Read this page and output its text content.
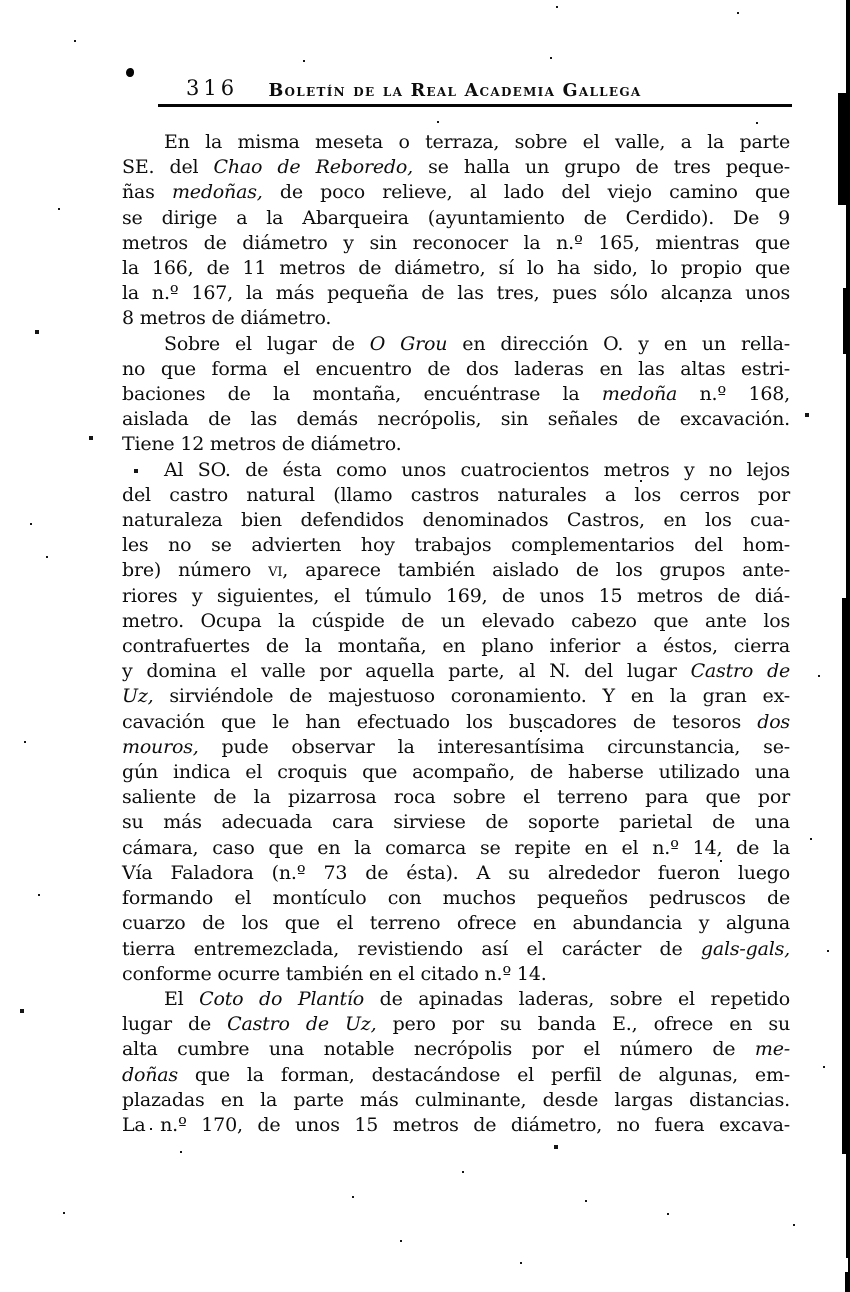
316	Boletín de la Real Academia Gallega
En la misma meseta o terraza, sobre el valle, a la parte
SE. del Chao de Reboredo, se halla un grupo de tres peque-
ñas medoñas, de poco relieve, al lado del viejo camino que
se dirige a la Abarqueira (ayuntamiento de Cerdido). De 9
metros de diámetro y sin reconocer la n.º 165, mientras que
la 166, de 11 metros de diámetro, sí lo ha sido, lo propio que
la n.º 167, la más pequeña de las tres, pues sólo alcanza unos
8 metros de diámetro.
Sobre el lugar de O Grou en dirección O. y en un rella-
no que forma el encuentro de dos laderas en las altas estri-
baciones de la montaña, encuéntrase la medoña n.º 168,
aislada de las demás necrópolis, sin señales de excavación.
Tiene 12 metros de diámetro.
Al SO. de ésta como unos cuatrocientos metros y no lejos
del castro natural (llamo castros naturales a los cerros por
naturaleza bien defendidos denominados Castros, en los cua-
les no se advierten hoy trabajos complementarios del hom-
bre) número vi, aparece también aislado de los grupos ante-
riores y siguientes, el túmulo 169, de unos 15 metros de diá-
metro. Ocupa la cúspide de un elevado cabezo que ante los
contrafuertes de la montaña, en plano inferior a éstos, cierra
y domina el valle por aquella parte, al N. del lugar Castro de
Uz, sirviéndole de majestuoso coronamiento. Y en la gran ex-
cavación que le han efectuado los buscadores de tesoros dos
mouros, pude observar la interesantísima circunstancia, se-
gún indica el croquis que acompaño, de haberse utilizado una
saliente de la pizarrosa roca sobre el terreno para que por
su más adecuada cara sirviese de soporte parietal de una
cámara, caso que en la comarca se repite en el n.º 14, de la
Vía Faladora (n.º 73 de ésta). A su alrededor fueron luego
formando el montículo con muchos pequeños pedruscos de
cuarzo de los que el terreno ofrece en abundancia y alguna
tierra entremezclada, revistiendo así el carácter de gals-gals,
conforme ocurre también en el citado n.º 14.
El Coto do Plantío de apinadas laderas, sobre el repetido
lugar de Castro de Uz, pero por su banda E., ofrece en su
alta cumbre una notable necrópolis por el número de me-
doñas que la forman, destacándose el perfil de algunas, em-
plazadas en la parte más culminante, desde largas distancias.
La n.º 170, de unos 15 metros de diámetro, no fuera excava-
